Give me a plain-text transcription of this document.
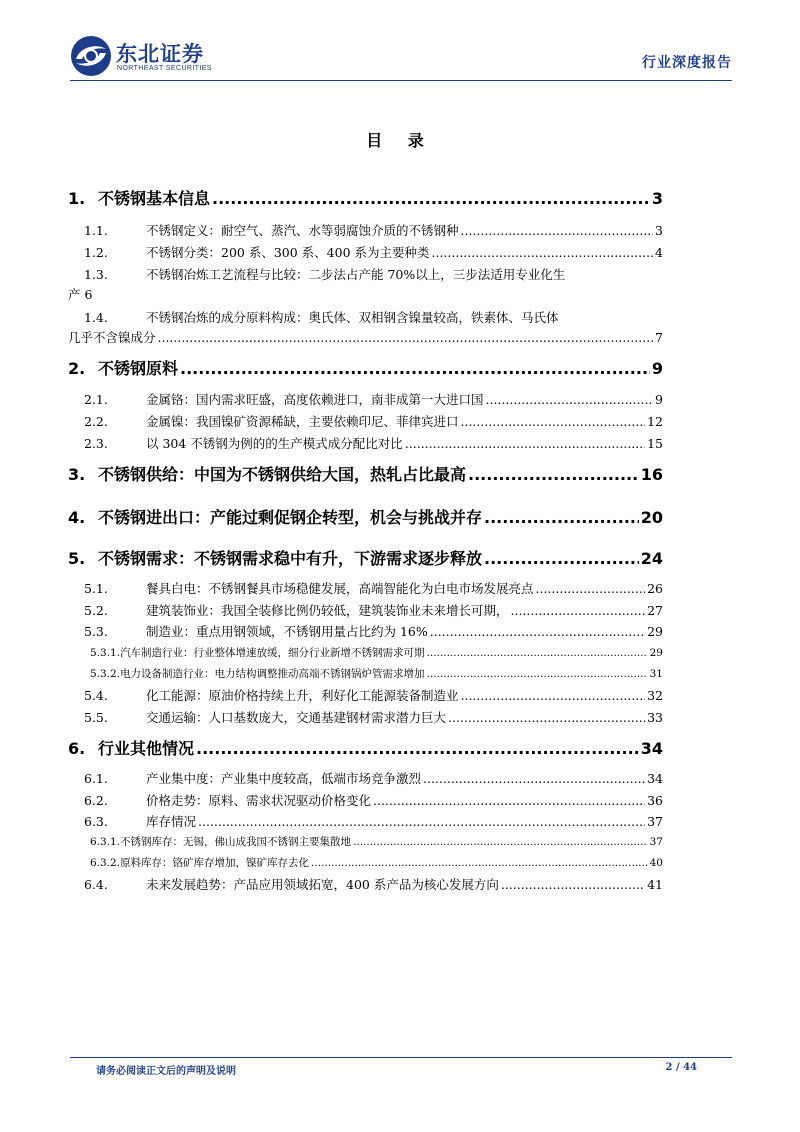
东北证券
NORTHEAST SECURITIES	行业深度报告
目 录
1. 不锈钢基本信息 .....	3
1.1.	不锈钢定义：耐空气、蒸汽、水等弱腐蚀介质的不锈钢种 .....	3
1.2.	不锈钢分类：200 系、300 系、400 系为主要种类 .....	4
1.3.	不锈钢冶炼工艺流程与比较：二步法占产能 70%以上，三步法适用专业化生
产 6
1.4.	不锈钢冶炼的成分原料构成：奥氏体、双相钢含镍量较高，铁素体、马氏体
几乎不含镍成分 .....	7
2. 不锈钢原料 .....	9
2.1.	金属铬：国内需求旺盛，高度依赖进口，南非成第一大进口国 .....	9
2.2.	金属镍：我国镍矿资源稀缺，主要依赖印尼、菲律宾进口 .....	12
2.3.	以 304 不锈钢为例的的生产模式成分配比对比 .....	15
3. 不锈钢供给：中国为不锈钢供给大国，热轧占比最高 .....	16
4. 不锈钢进出口：产能过剩促钢企转型，机会与挑战并存 .....	20
5. 不锈钢需求：不锈钢需求稳中有升，下游需求逐步释放 .....	24
5.1.	餐具白电：不锈钢餐具市场稳健发展，高端智能化为白电市场发展亮点 .....	26
5.2.	建筑装饰业：我国全装修比例仍较低，建筑装饰业未来增长可期， .....	27
5.3.	制造业：重点用钢领域，不锈钢用量占比约为 16% .....	29
5.3.1. 汽车制造行业：行业整体增速放缓，细分行业新增不锈钢需求可期 .....	29
5.3.2. 电力设备制造行业：电力结构调整推动高端不锈钢锅炉管需求增加 .....	31
5.4.	化工能源：原油价格持续上升，利好化工能源装备制造业 .....	32
5.5.	交通运输：人口基数庞大，交通基建钢材需求潜力巨大 .....	33
6. 行业其他情况 .....	34
6.1.	产业集中度：产业集中度较高，低端市场竞争激烈 .....	34
6.2.	价格走势：原料、需求状况驱动价格变化 .....	36
6.3.	库存情况 .....	37
6.3.1. 不锈钢库存：无锡，佛山成我国不锈钢主要集散地 .....	37
6.3.2. 原料库存：铬矿库存增加，镍矿库存去化 .....	40
6.4.	未来发展趋势：产品应用领域拓宽，400 系产品为核心发展方向 .....	41
请务必阅读正文后的声明及说明	2 / 44
